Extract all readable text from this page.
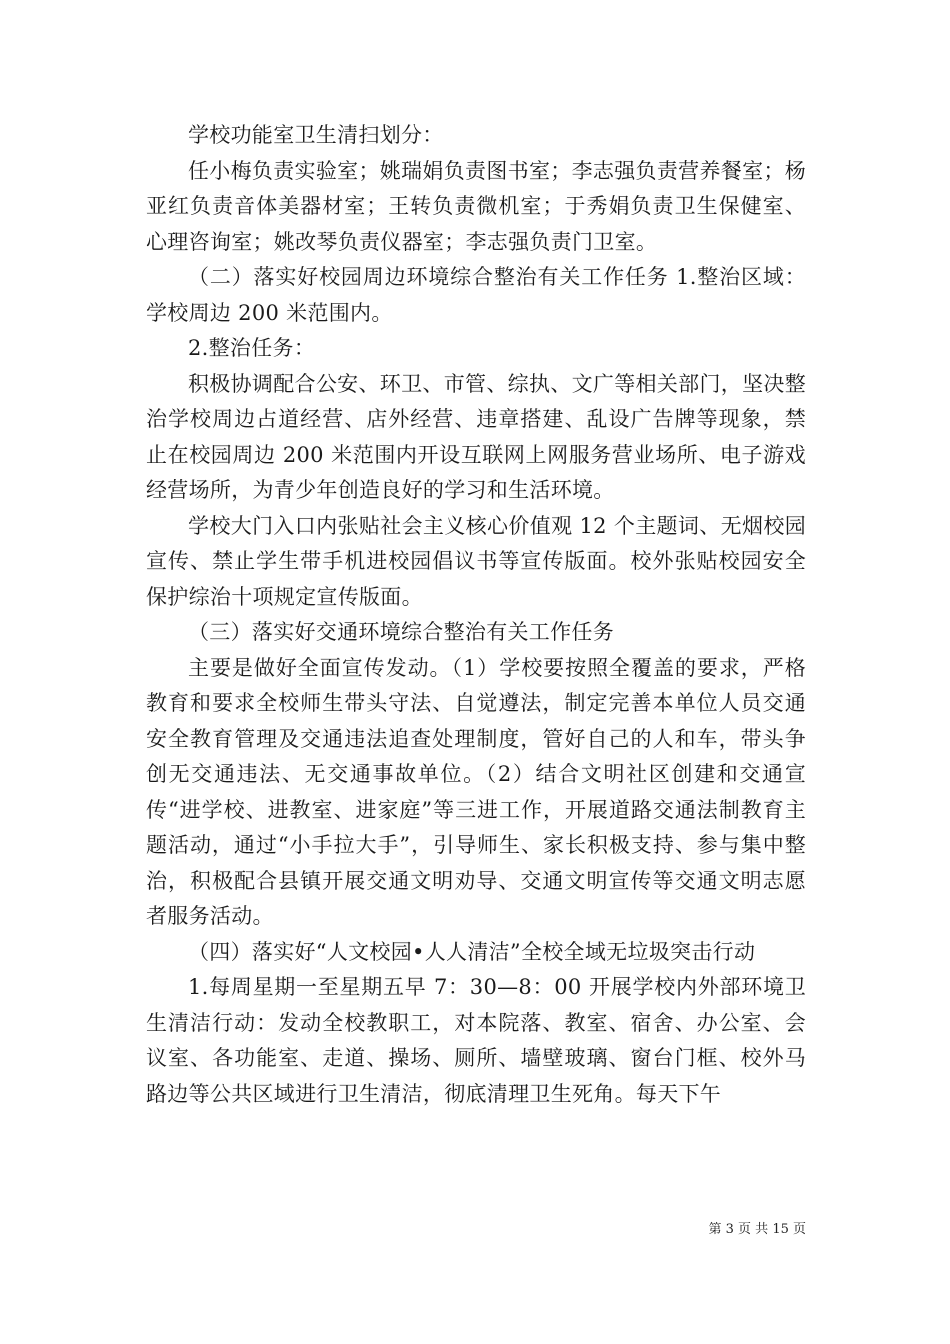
学校功能室卫生清扫划分：

任小梅负责实验室；姚瑞娟负责图书室；李志强负责营养餐室；杨亚红负责音体美器材室；王转负责微机室；于秀娟负责卫生保健室、心理咨询室；姚改琴负责仪器室；李志强负责门卫室。

（二）落实好校园周边环境综合整治有关工作任务 1.整治区域：学校周边 200 米范围内。

2.整治任务：

积极协调配合公安、环卫、市管、综执、文广等相关部门，坚决整治学校周边占道经营、店外经营、违章搭建、乱设广告牌等现象，禁止在校园周边 200 米范围内开设互联网上网服务营业场所、电子游戏经营场所，为青少年创造良好的学习和生活环境。

学校大门入口内张贴社会主义核心价值观 12 个主题词、无烟校园宣传、禁止学生带手机进校园倡议书等宣传版面。校外张贴校园安全保护综治十项规定宣传版面。

（三）落实好交通环境综合整治有关工作任务

主要是做好全面宣传发动。（1）学校要按照全覆盖的要求，严格教育和要求全校师生带头守法、自觉遵法，制定完善本单位人员交通安全教育管理及交通违法追查处理制度，管好自己的人和车，带头争创无交通违法、无交通事故单位。（2）结合文明社区创建和交通宣传“进学校、进教室、进家庭”等三进工作，开展道路交通法制教育主题活动，通过“小手拉大手”，引导师生、家长积极支持、参与集中整治，积极配合县镇开展交通文明劝导、交通文明宣传等交通文明志愿者服务活动。

（四）落实好“人文校园•人人清洁”全校全域无垃圾突击行动

1.每周星期一至星期五早 7：30—8：00 开展学校内外部环境卫生清洁行动：发动全校教职工，对本院落、教室、宿舍、办公室、会议室、各功能室、走道、操场、厕所、墙壁玻璃、窗台门框、校外马路边等公共区域进行卫生清洁，彻底清理卫生死角。每天下午

第 3 页 共 15 页
